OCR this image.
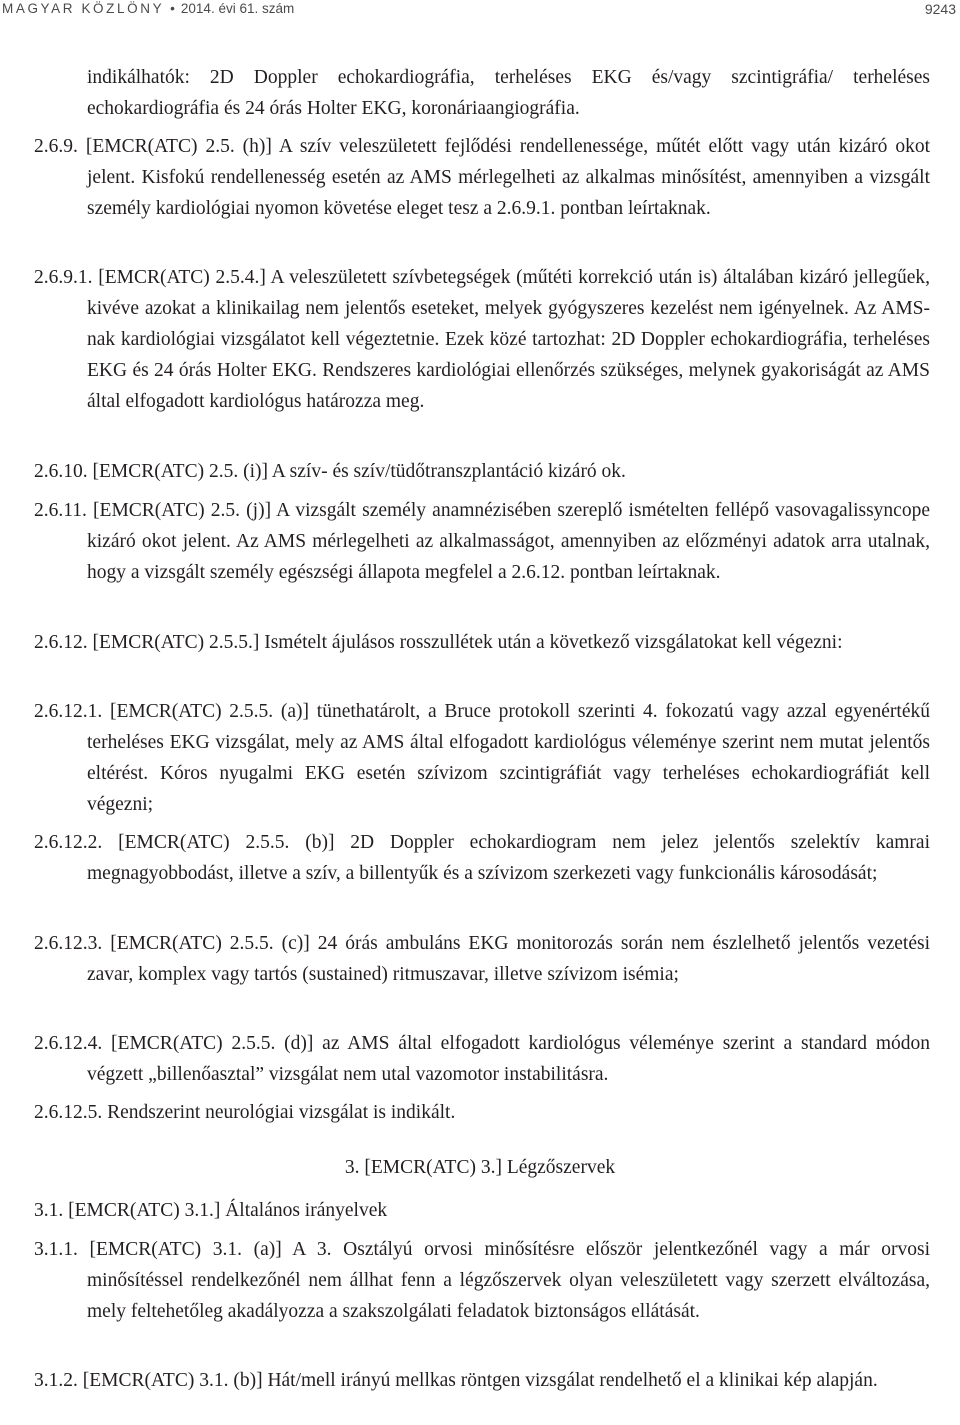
MAGYAR KÖZLÖNY • 2014. évi 61. szám	9243

indikálhatók: 2D Doppler echokardiográfia, terheléses EKG és/vagy szcintigráfia/ terheléses echokardiográfia és 24 órás Holter EKG, koronáriaangiográfia.

2.6.9. [EMCR(ATC) 2.5. (h)] A szív veleszületett fejlődési rendellenessége, műtét előtt vagy után kizáró okot jelent. Kisfokú rendellenesség esetén az AMS mérlegelheti az alkalmas minősítést, amennyiben a vizsgált személy kardiológiai nyomon követése eleget tesz a 2.6.9.1. pontban leírtaknak.

2.6.9.1. [EMCR(ATC) 2.5.4.] A veleszületett szívbetegségek (műtéti korrekció után is) általában kizáró jellegűek, kivéve azokat a klinikailag nem jelentős eseteket, melyek gyógyszeres kezelést nem igényelnek. Az AMS-nak kardiológiai vizsgálatot kell végeztetnie. Ezek közé tartozhat: 2D Doppler echokardiográfia, terheléses EKG és 24 órás Holter EKG. Rendszeres kardiológiai ellenőrzés szükséges, melynek gyakoriságát az AMS által elfogadott kardiológus határozza meg.

2.6.10. [EMCR(ATC) 2.5. (i)] A szív- és szív/tüdőtranszplantáció kizáró ok.

2.6.11. [EMCR(ATC) 2.5. (j)] A vizsgált személy anamnézisében szereplő ismételten fellépő vasovagalissyncope kizáró okot jelent. Az AMS mérlegelheti az alkalmasságot, amennyiben az előzményi adatok arra utalnak, hogy a vizsgált személy egészségi állapota megfelel a 2.6.12. pontban leírtaknak.

2.6.12. [EMCR(ATC) 2.5.5.] Ismételt ájulásos rosszullétek után a következő vizsgálatokat kell végezni:

2.6.12.1. [EMCR(ATC) 2.5.5. (a)] tünethatárolt, a Bruce protokoll szerinti 4. fokozatú vagy azzal egyenértékű terheléses EKG vizsgálat, mely az AMS által elfogadott kardiológus véleménye szerint nem mutat jelentős eltérést. Kóros nyugalmi EKG esetén szívizom szcintigráfiát vagy terheléses echokardiográfiát kell végezni;

2.6.12.2. [EMCR(ATC) 2.5.5. (b)] 2D Doppler echokardiogram nem jelez jelentős szelektív kamrai megnagyobbodást, illetve a szív, a billentyűk és a szívizom szerkezeti vagy funkcionális károsodását;

2.6.12.3. [EMCR(ATC) 2.5.5. (c)] 24 órás ambuláns EKG monitorozás során nem észlelhető jelentős vezetési zavar, komplex vagy tartós (sustained) ritmuszavar, illetve szívizom isémia;

2.6.12.4. [EMCR(ATC) 2.5.5. (d)] az AMS által elfogadott kardiológus véleménye szerint a standard módon végzett „billenőasztal” vizsgálat nem utal vazomotor instabilitásra.

2.6.12.5. Rendszerint neurológiai vizsgálat is indikált.

3. [EMCR(ATC) 3.] Légzőszervek

3.1. [EMCR(ATC) 3.1.] Általános irányelvek

3.1.1. [EMCR(ATC) 3.1. (a)] A 3. Osztályú orvosi minősítésre először jelentkezőnél vagy a már orvosi minősítéssel rendelkezőnél nem állhat fenn a légzőszervek olyan veleszületett vagy szerzett elváltozása, mely feltehetőleg akadályozza a szakszolgálati feladatok biztonságos ellátását.

3.1.2. [EMCR(ATC) 3.1. (b)] Hát/mell irányú mellkas röntgen vizsgálat rendelhető el a klinikai kép alapján.
